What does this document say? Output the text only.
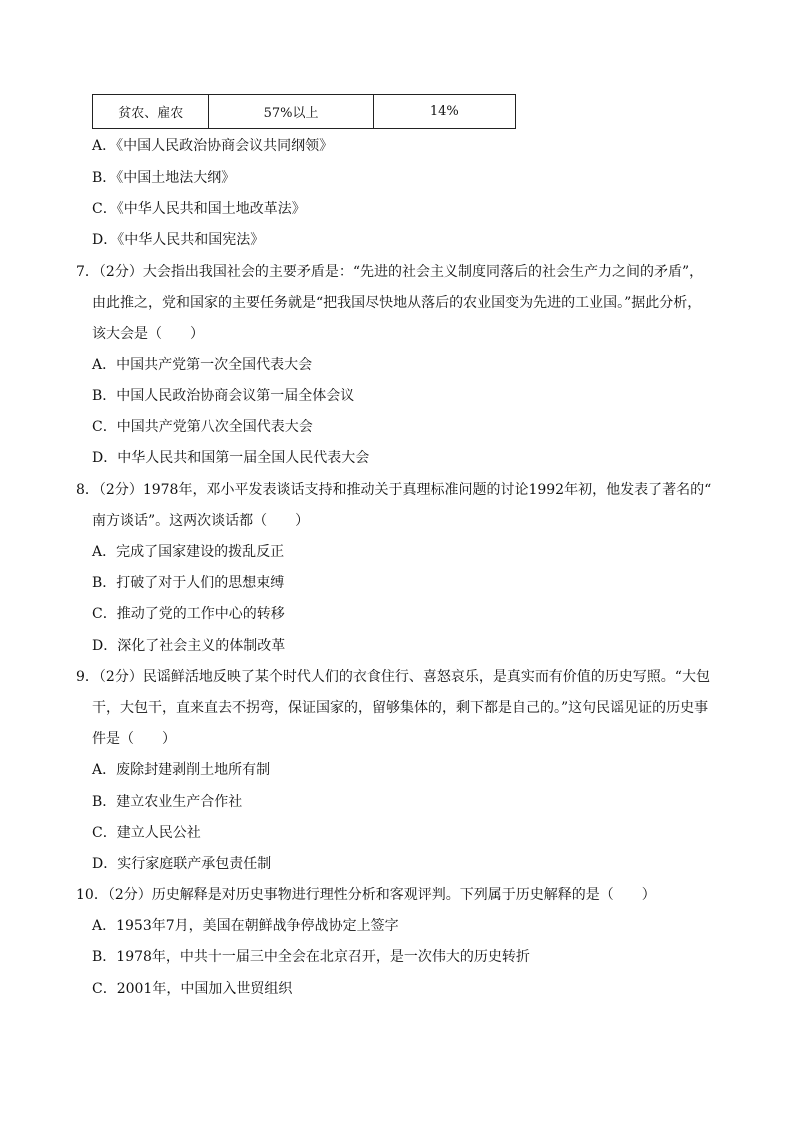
贫农、雇农	57%以上	14%
A．《中国人民政治协商会议共同纲领》
B．《中国土地法大纲》
C．《中华人民共和国土地改革法》
D．《中华人民共和国宪法》
7．（2分）大会指出我国社会的主要矛盾是：“先进的社会主义制度同落后的社会生产力之间的矛盾”，
由此推之，党和国家的主要任务就是“把我国尽快地从落后的农业国变为先进的工业国。”据此分析，
该大会是（　　）
A．中国共产党第一次全国代表大会
B．中国人民政治协商会议第一届全体会议
C．中国共产党第八次全国代表大会
D．中华人民共和国第一届全国人民代表大会
8．（2分）1978年，邓小平发表谈话支持和推动关于真理标准问题的讨论1992年初，他发表了著名的“
南方谈话”。这两次谈话都（　　）
A．完成了国家建设的拨乱反正
B．打破了对于人们的思想束缚
C．推动了党的工作中心的转移
D．深化了社会主义的体制改革
9．（2分）民谣鲜活地反映了某个时代人们的衣食住行、喜怒哀乐，是真实而有价值的历史写照。“大包
干，大包干，直来直去不拐弯，保证国家的，留够集体的，剩下都是自己的。”这句民谣见证的历史事
件是（　　）
A．废除封建剥削土地所有制
B．建立农业生产合作社
C．建立人民公社
D．实行家庭联产承包责任制
10．（2分）历史解释是对历史事物进行理性分析和客观评判。下列属于历史解释的是（　　）
A．1953年7月，美国在朝鲜战争停战协定上签字
B．1978年，中共十一届三中全会在北京召开，是一次伟大的历史转折
C．2001年，中国加入世贸组织
